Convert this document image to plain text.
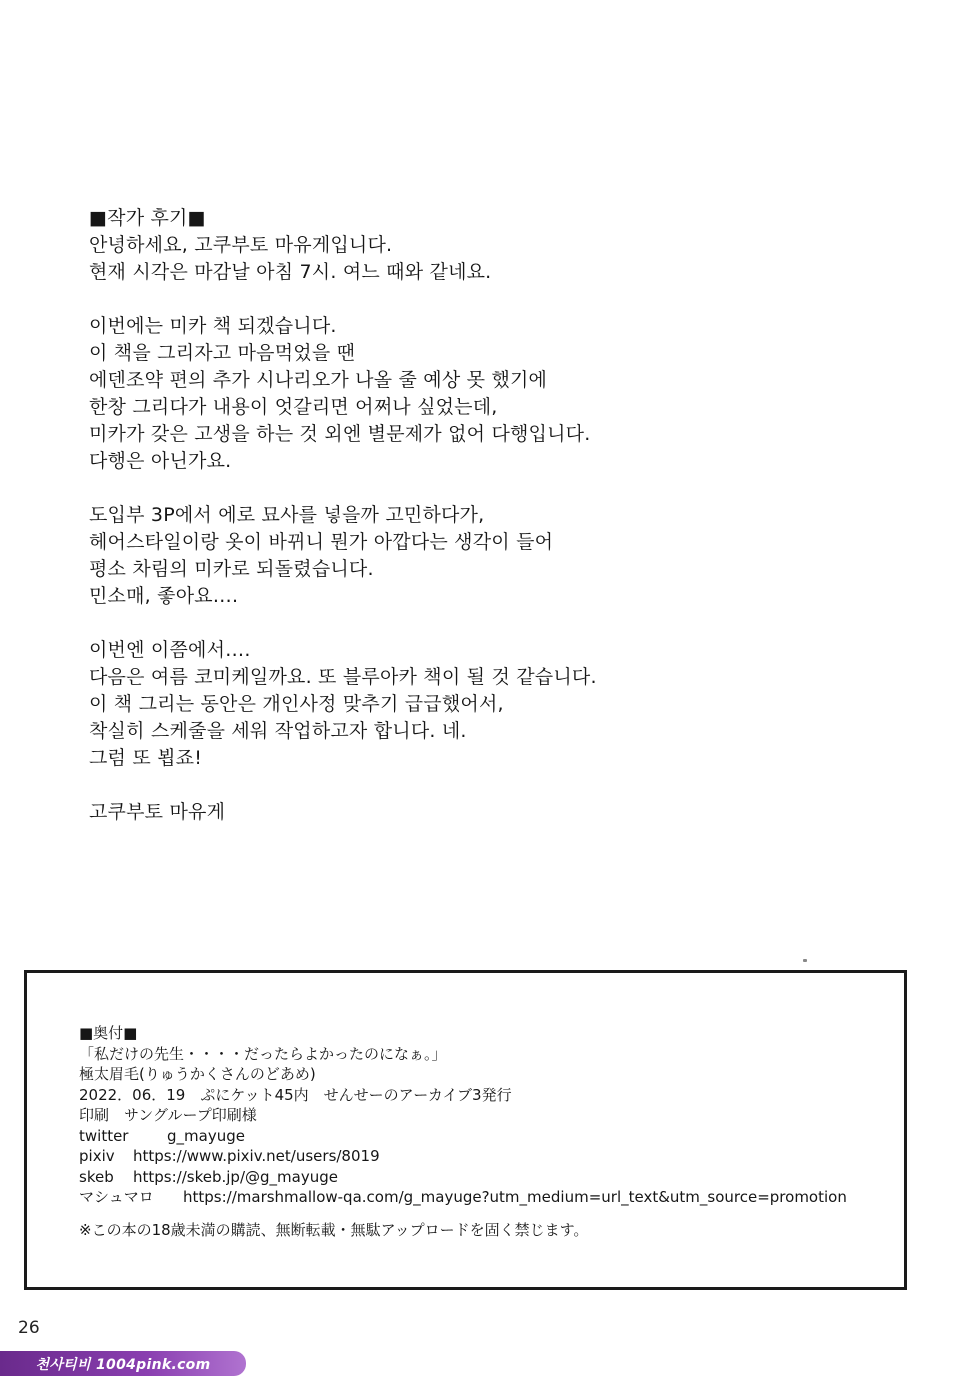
■작가 후기■
안녕하세요, 고쿠부토 마유게입니다.
현재 시각은 마감날 아침 7시. 여느 때와 같네요.
이번에는 미카 책 되겠습니다.
이 책을 그리자고 마음먹었을 땐
에덴조약 편의 추가 시나리오가 나올 줄 예상 못 했기에
한창 그리다가 내용이 엇갈리면 어쩌나 싶었는데,
미카가 갖은 고생을 하는 것 외엔 별문제가 없어 다행입니다.
다행은 아닌가요.
도입부 3P에서 에로 묘사를 넣을까 고민하다가,
헤어스타일이랑 옷이 바뀌니 뭔가 아깝다는 생각이 들어
평소 차림의 미카로 되돌렸습니다.
민소매, 좋아요….
이번엔 이쯤에서….
다음은 여름 코미케일까요. 또 블루아카 책이 될 것 같습니다.
이 책 그리는 동안은 개인사정 맞추기 급급했어서,
착실히 스케줄을 세워 작업하고자 합니다. 네.
그럼 또 뵙죠!
고쿠부토 마유게
■奥付■
「私だけの先生・・・・だったらよかったのになぁ。」
極太眉毛(りゅうかくさんのどあめ)
2022．06．19　ぷにケット45内　せんせーのアーカイブ3発行
印刷　サングループ印刷様
twitter	g_mayuge
pixiv	https://www.pixiv.net/users/8019
skeb	https://skeb.jp/@g_mayuge
マシュマロ	https://marshmallow-qa.com/g_mayuge?utm_medium=url_text&utm_source=promotion
※この本の18歳未満の購読、無断転載・無駄アップロードを固く禁じます。
26
천사티비 1004pink.com
